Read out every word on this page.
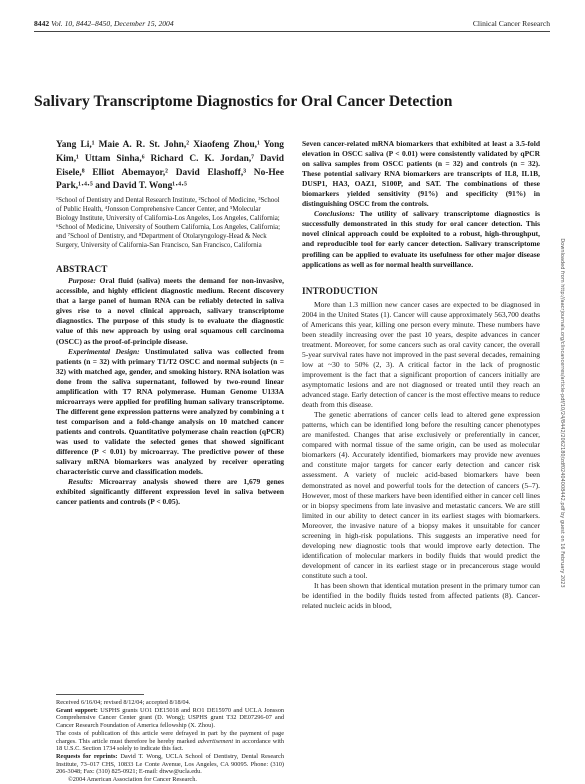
8442 Vol. 10, 8442–8450, December 15, 2004	Clinical Cancer Research
Salivary Transcriptome Diagnostics for Oral Cancer Detection
Yang Li,¹ Maie A. R. St. John,² Xiaofeng Zhou,¹ Yong Kim,¹ Uttam Sinha,⁶ Richard C. K. Jordan,⁷ David Eisele,⁸ Elliot Abemayor,² David Elashoff,³ No-Hee Park,¹·⁴·⁵ and David T. Wong¹·⁴·⁵
¹School of Dentistry and Dental Research Institute, ²School of Medicine, ³School of Public Health, ⁴Jonsson Comprehensive Cancer Center, and ⁵Molecular Biology Institute, University of California-Los Angeles, Los Angeles, California; ⁶School of Medicine, University of Southern California, Los Angeles, California; and ⁷School of Dentistry, and ⁸Department of Otolaryngology-Head & Neck Surgery, University of California-San Francisco, San Francisco, California
ABSTRACT
Purpose: Oral fluid (saliva) meets the demand for non-invasive, accessible, and highly efficient diagnostic medium. Recent discovery that a large panel of human RNA can be reliably detected in saliva gives rise to a novel clinical approach, salivary transcriptome diagnostics. The purpose of this study is to evaluate the diagnostic value of this new approach by using oral squamous cell carcinoma (OSCC) as the proof-of-principle disease.
Experimental Design: Unstimulated saliva was collected from patients (n = 32) with primary T1/T2 OSCC and normal subjects (n = 32) with matched age, gender, and smoking history. RNA isolation was done from the saliva supernatant, followed by two-round linear amplification with T7 RNA polymerase. Human Genome U133A microarrays were applied for profiling human salivary transcriptome. The different gene expression patterns were analyzed by combining a t test comparison and a fold-change analysis on 10 matched cancer patients and controls. Quantitative polymerase chain reaction (qPCR) was used to validate the selected genes that showed significant difference (P < 0.01) by microarray. The predictive power of these salivary mRNA biomarkers was analyzed by receiver operating characteristic curve and classification models.
Results: Microarray analysis showed there are 1,679 genes exhibited significantly different expression level in saliva between cancer patients and controls (P < 0.05).
Received 6/16/04; revised 8/12/04; accepted 8/18/04.
Grant support: USPHS grants UO1 DE15018 and RO1 DE15970 and UCLA Jonsson Comprehensive Cancer Center grant (D. Wong); USPHS grant T32 DE07296-07 and Cancer Research Foundation of America fellowship (X. Zhou).
The costs of publication of this article were defrayed in part by the payment of page charges. This article must therefore be hereby marked advertisement in accordance with 18 U.S.C. Section 1734 solely to indicate this fact.
Requests for reprints: David T. Wong, UCLA School of Dentistry, Dental Research Institute, 73–017 CHS, 10833 Le Conte Avenue, Los Angeles, CA 90095. Phone: (310) 206-3048; Fax: (310) 825-0921; E-mail: dtww@ucla.edu.
©2004 American Association for Cancer Research.
Seven cancer-related mRNA biomarkers that exhibited at least a 3.5-fold elevation in OSCC saliva (P < 0.01) were consistently validated by qPCR on saliva samples from OSCC patients (n = 32) and controls (n = 32). These potential salivary RNA biomarkers are transcripts of IL8, IL1B, DUSP1, HA3, OAZ1, S100P, and SAT. The combinations of these biomarkers yielded sensitivity (91%) and specificity (91%) in distinguishing OSCC from the controls.
Conclusions: The utility of salivary transcriptome diagnostics is successfully demonstrated in this study for oral cancer detection. This novel clinical approach could be exploited to a robust, high-throughput, and reproducible tool for early cancer detection. Salivary transcriptome profiling can be applied to evaluate its usefulness for other major disease applications as well as for normal health surveillance.
INTRODUCTION
More than 1.3 million new cancer cases are expected to be diagnosed in 2004 in the United States (1). Cancer will cause approximately 563,700 deaths of Americans this year, killing one person every minute. These numbers have been steadily increasing over the past 10 years, despite advances in cancer treatment. Moreover, for some cancers such as oral cavity cancer, the overall 5-year survival rates have not improved in the past several decades, remaining low at ~30 to 50% (2, 3). A critical factor in the lack of prognostic improvement is the fact that a significant proportion of cancers initially are asymptomatic lesions and are not diagnosed or treated until they reach an advanced stage. Early detection of cancer is the most effective means to reduce death from this disease.
The genetic aberrations of cancer cells lead to altered gene expression patterns, which can be identified long before the resulting cancer phenotypes are manifested. Changes that arise exclusively or preferentially in cancer, compared with normal tissue of the same origin, can be used as molecular biomarkers (4). Accurately identified, biomarkers may provide new avenues and constitute major targets for cancer early detection and cancer risk assessment. A variety of nucleic acid-based biomarkers have been demonstrated as novel and powerful tools for the detection of cancers (5–7). However, most of these markers have been identified either in cancer cell lines or in biopsy specimens from late invasive and metastatic cancers. We are still limited in our ability to detect cancer in its earliest stages with biomarkers. Moreover, the invasive nature of a biopsy makes it unsuitable for cancer screening in high-risk populations. This suggests an imperative need for developing new diagnostic tools that would improve early detection. The identification of molecular markers in bodily fluids that would predict the development of cancer in its earliest stage or in precancerous stage would constitute such a tool.
It has been shown that identical mutation present in the primary tumor can be identified in the bodily fluids tested from affected patients (8). Cancer-related nucleic acids in blood,
Downloaded from http://aacrjournals.org/clincancerres/article-pdf/10/24/8442/2062180/zdf02404008442.pdf by guest on 16 February 2023
